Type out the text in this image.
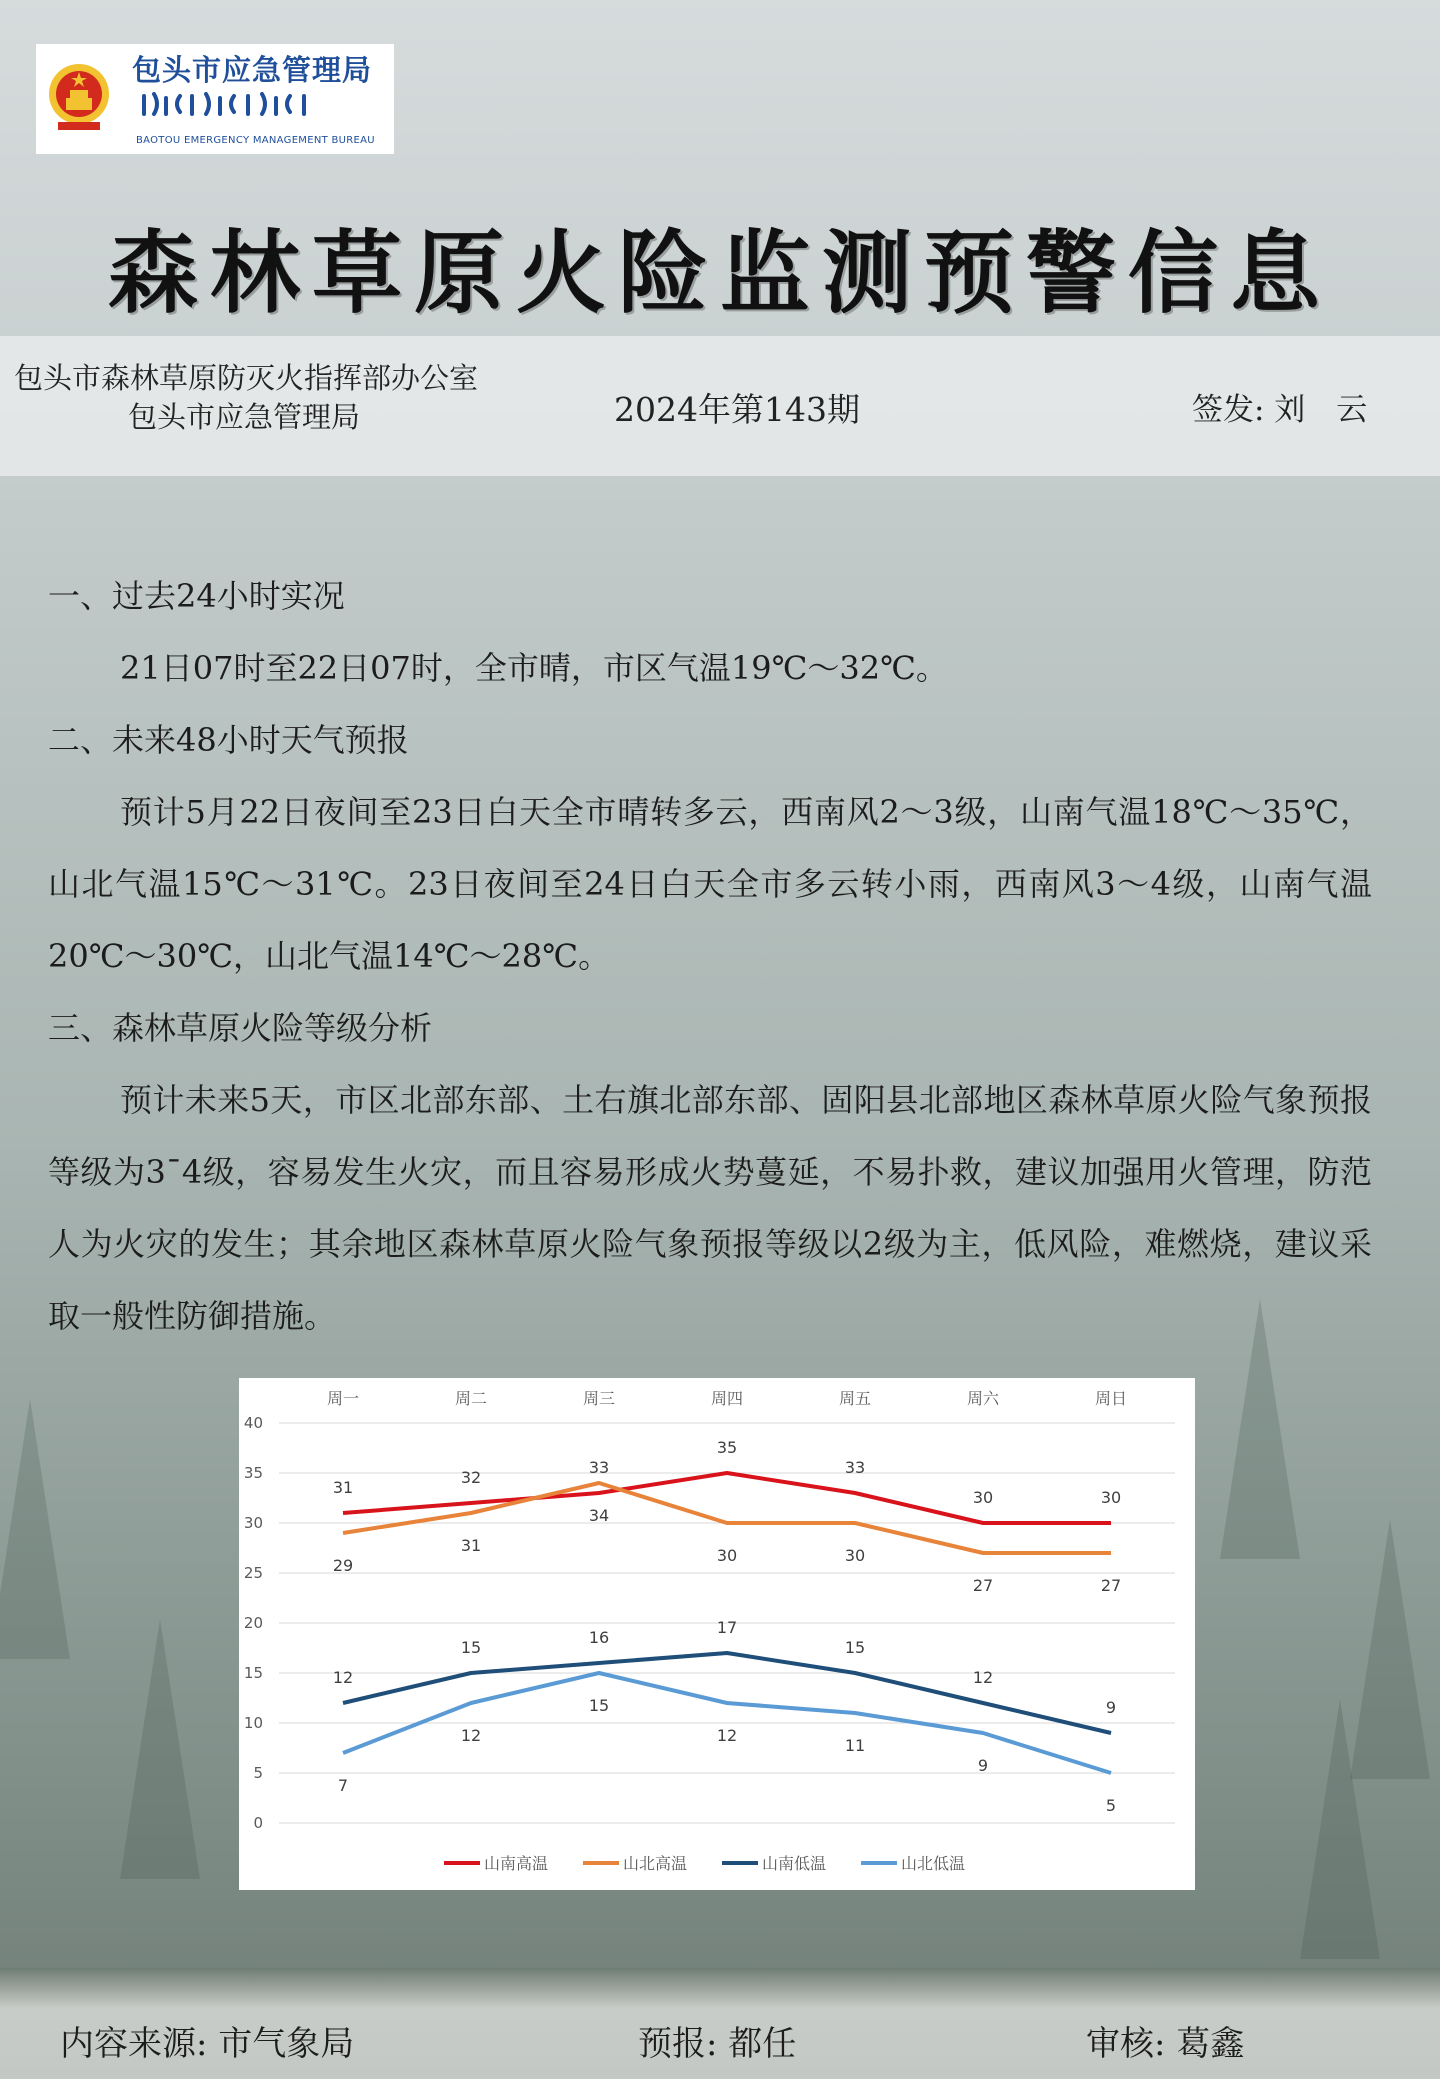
包头市应急管理局
BAOTOU EMERGENCY MANAGEMENT BUREAU
森林草原火险监测预警信息
包头市森林草原防灭火指挥部办公室
包头市应急管理局	2024年第143期	签发: 刘　云

一、过去24小时实况

21日07时至22日07时，全市晴，市区气温19℃～32℃。

二、未来48小时天气预报

预计5月22日夜间至23日白天全市晴转多云，西南风2～3级，山南气温18℃～35℃，山北气温15℃～31℃。23日夜间至24日白天全市多云转小雨，西南风3～4级，山南气温20℃～30℃，山北气温14℃～28℃。

三、森林草原火险等级分析

预计未来5天，市区北部东部、土右旗北部东部、固阳县北部地区森林草原火险气象预报等级为3¯4级，容易发生火灾，而且容易形成火势蔓延，不易扑救，建议加强用火管理，防范人为火灾的发生；其余地区森林草原火险气象预报等级以2级为主，低风险，难燃烧，建议采取一般性防御措施。

0
5
10
15
20
25
30
35
40
周一	周二	周三	周四	周五	周六	周日
31
32
33
35
33
30	30
29
31
34
30	30
27	27
12
15
16
17
15
12
9
7
12
15
12
11
9
5
山南高温	山北高温	山南低温	山北低温
内容来源: 市气象局	预报: 都任	审核: 葛鑫
